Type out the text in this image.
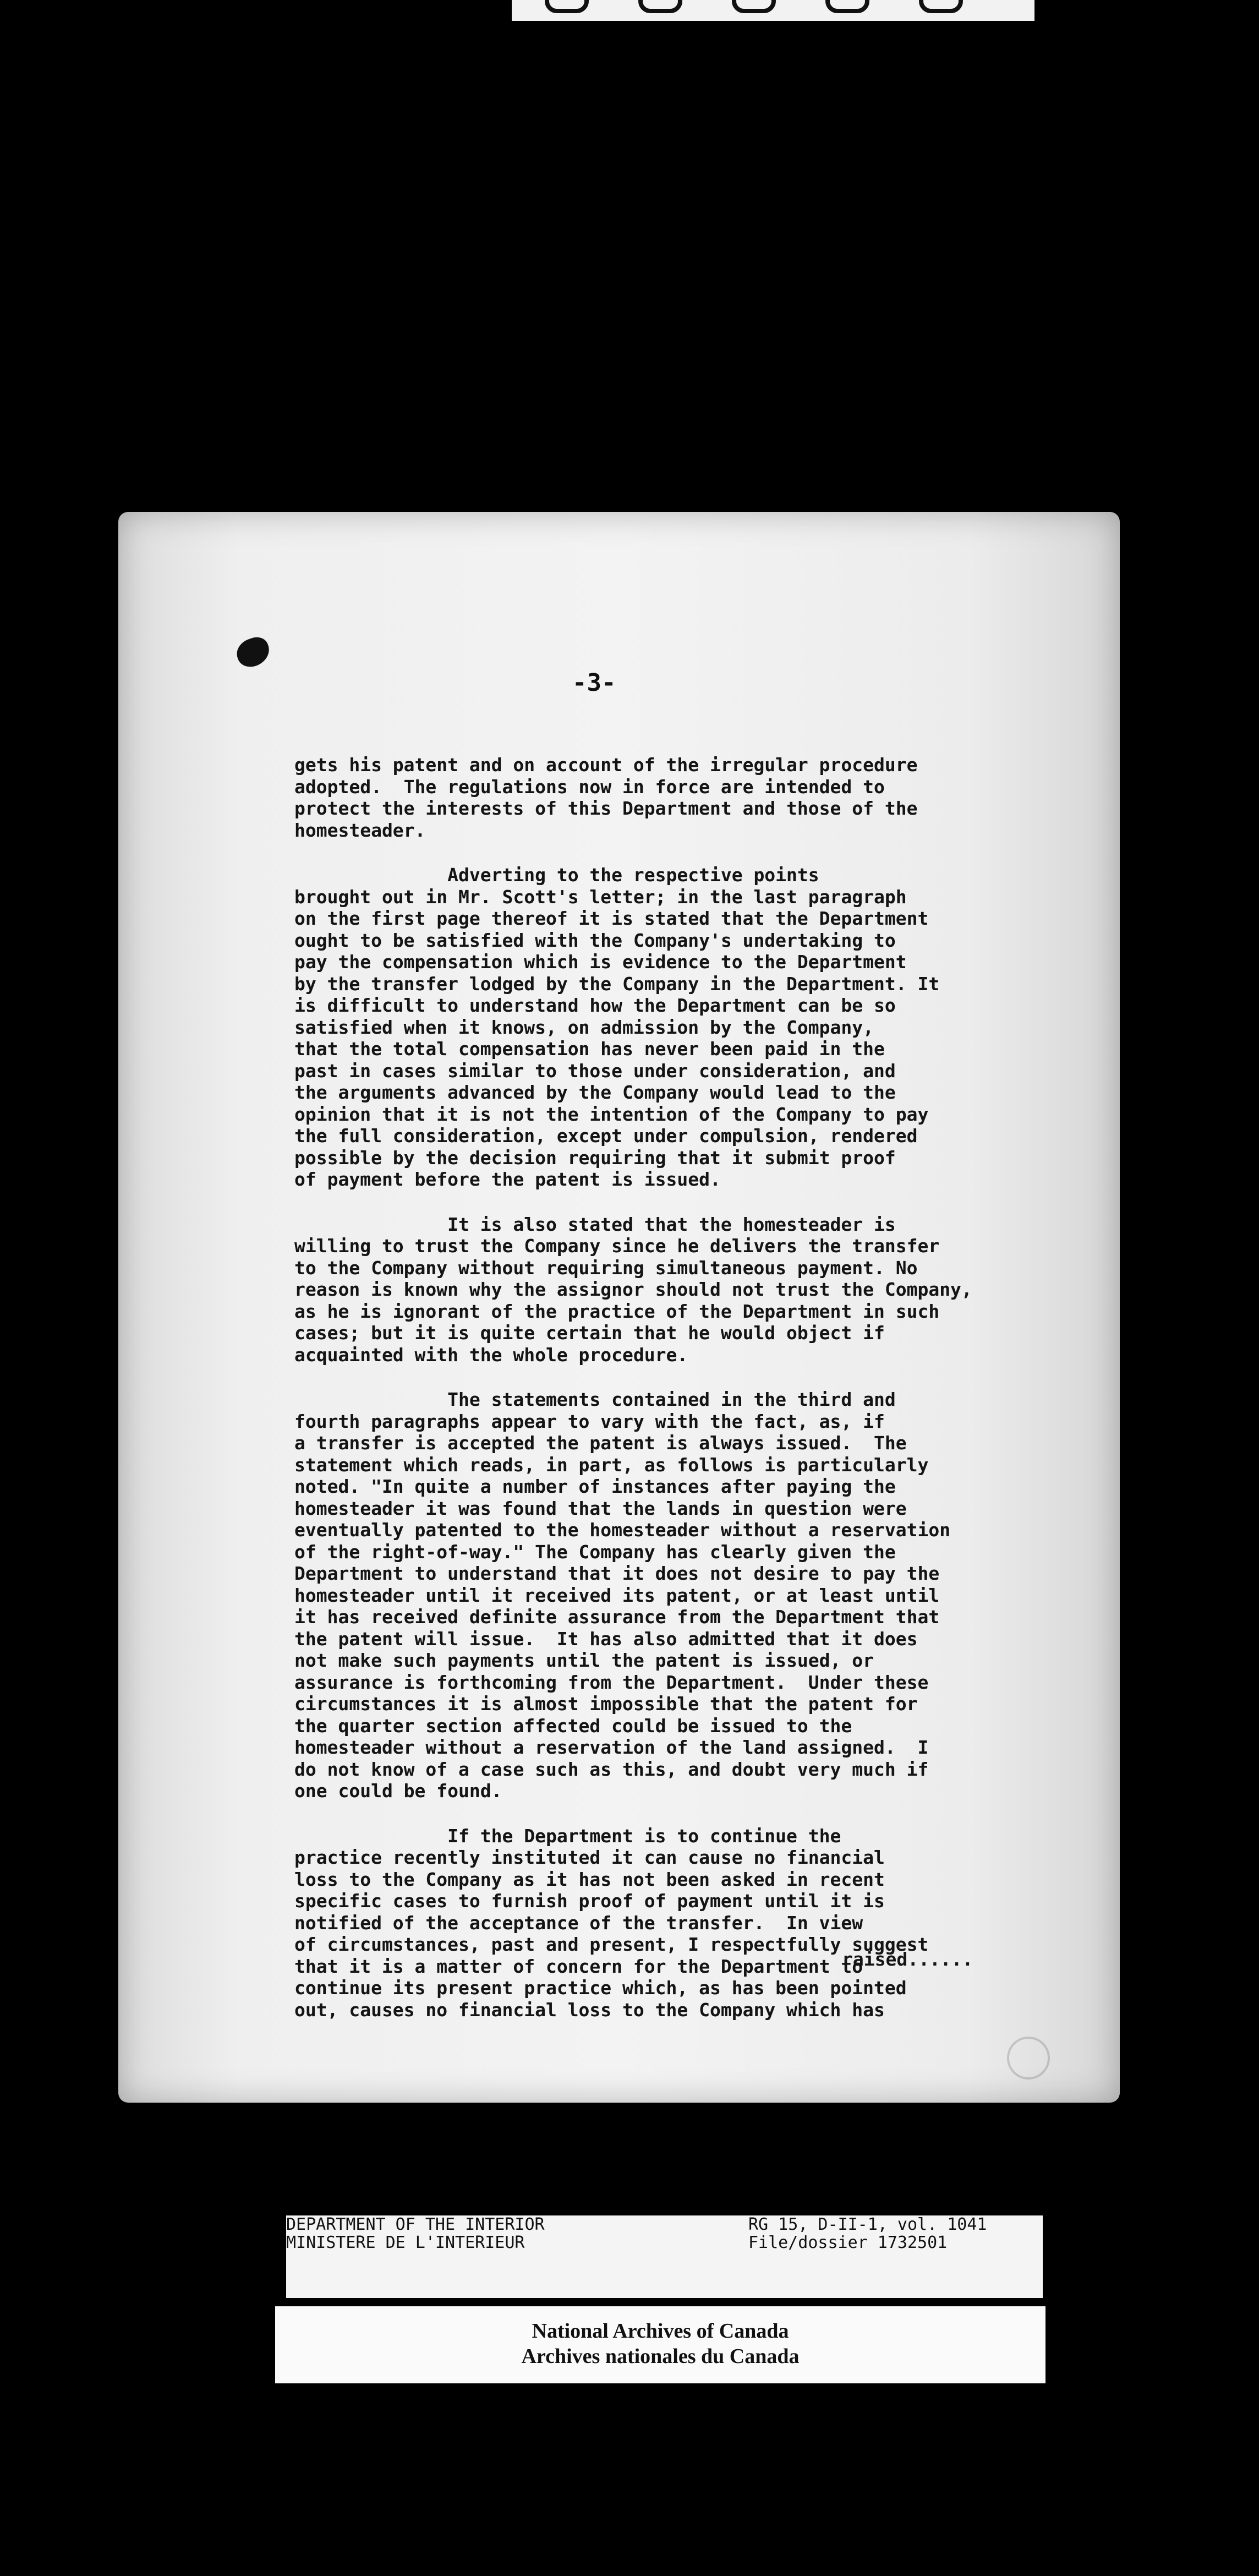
-3-
gets his patent and on account of the irregular procedure
adopted.  The regulations now in force are intended to
protect the interests of this Department and those of the
homesteader.
Adverting to the respective points
brought out in Mr. Scott's letter; in the last paragraph
on the first page thereof it is stated that the Department
ought to be satisfied with the Company's undertaking to
pay the compensation which is evidence to the Department
by the transfer lodged by the Company in the Department. It
is difficult to understand how the Department can be so
satisfied when it knows, on admission by the Company,
that the total compensation has never been paid in the
past in cases similar to those under consideration, and
the arguments advanced by the Company would lead to the
opinion that it is not the intention of the Company to pay
the full consideration, except under compulsion, rendered
possible by the decision requiring that it submit proof
of payment before the patent is issued.
It is also stated that the homesteader is
willing to trust the Company since he delivers the transfer
to the Company without requiring simultaneous payment. No
reason is known why the assignor should not trust the Company,
as he is ignorant of the practice of the Department in such
cases; but it is quite certain that he would object if
acquainted with the whole procedure.
The statements contained in the third and
fourth paragraphs appear to vary with the fact, as, if
a transfer is accepted the patent is always issued.  The
statement which reads, in part, as follows is particularly
noted. "In quite a number of instances after paying the
homesteader it was found that the lands in question were
eventually patented to the homesteader without a reservation
of the right-of-way." The Company has clearly given the
Department to understand that it does not desire to pay the
homesteader until it received its patent, or at least until
it has received definite assurance from the Department that
the patent will issue.  It has also admitted that it does
not make such payments until the patent is issued, or
assurance is forthcoming from the Department.  Under these
circumstances it is almost impossible that the patent for
the quarter section affected could be issued to the
homesteader without a reservation of the land assigned.  I
do not know of a case such as this, and doubt very much if
one could be found.
If the Department is to continue the
practice recently instituted it can cause no financial
loss to the Company as it has not been asked in recent
specific cases to furnish proof of payment until it is
notified of the acceptance of the transfer.  In view
of circumstances, past and present, I respectfully suggest
that it is a matter of concern for the Department to
continue its present practice which, as has been pointed
out, causes no financial loss to the Company which has
raised......
DEPARTMENT OF THE INTERIOR
MINISTERE DE L'INTERIEUR
RG 15, D-II-1, vol. 1041
File/dossier 1732501
National Archives of Canada
Archives nationales du Canada
